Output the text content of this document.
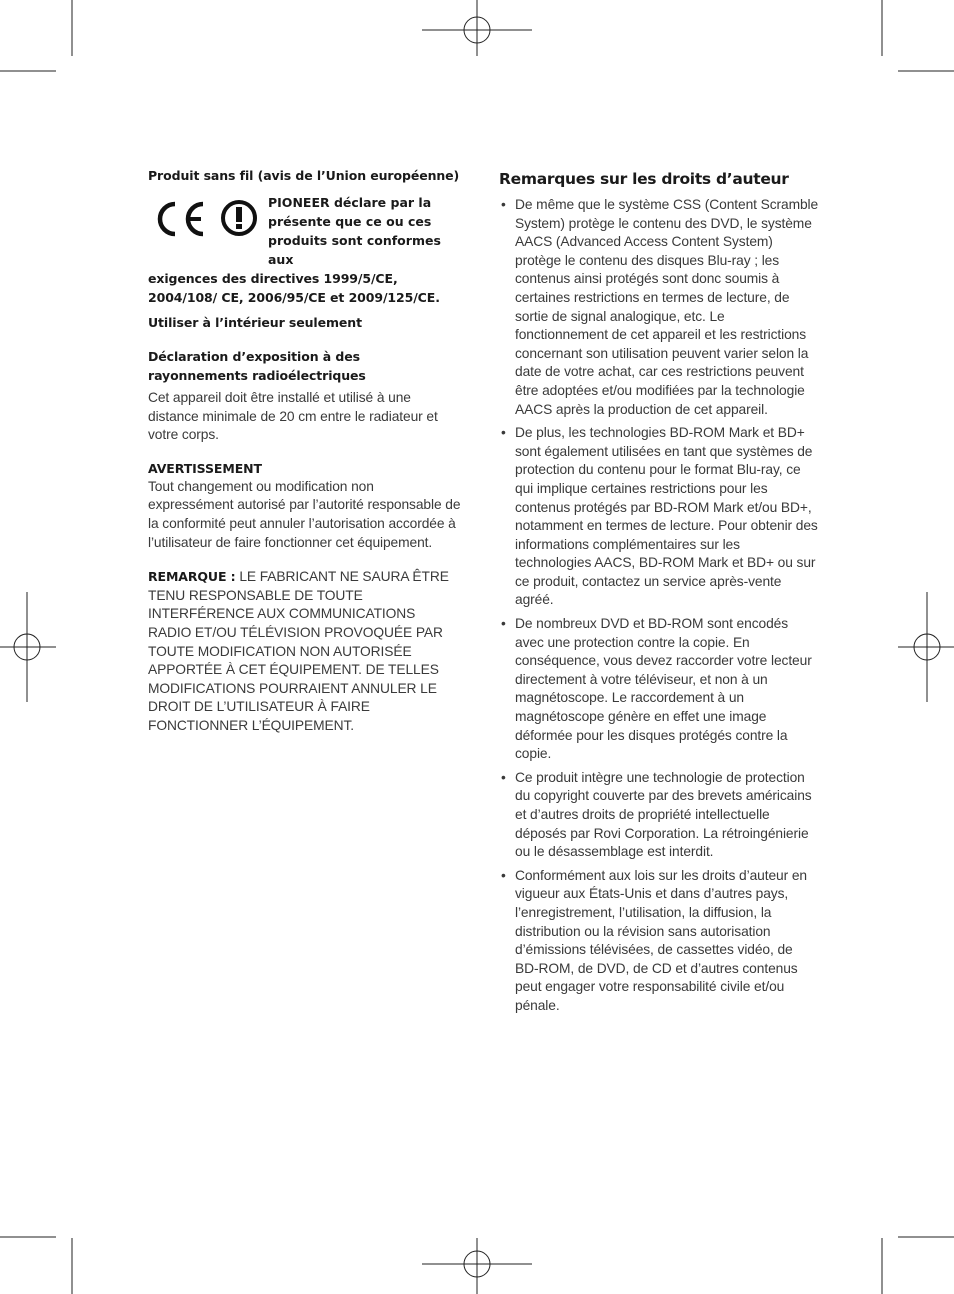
Produit sans fil (avis de l’Union européenne)

PIONEER déclare par la présente que ce ou ces produits sont conformes aux

exigences des directives 1999/5/CE, 2004/108/ CE, 2006/95/CE et 2009/125/CE.

Utiliser à l’intérieur seulement

Déclaration d’exposition à des rayonnements radioélectriques

Cet appareil doit être installé et utilisé à une distance minimale de 20 cm entre le radiateur et votre corps.

AVERTISSEMENT

Tout changement ou modification non expressément autorisé par l’autorité responsable de la conformité peut annuler l’autorisation accordée à l’utilisateur de faire fonctionner cet équipement.

REMARQUE : LE FABRICANT NE SAURA ÊTRE TENU RESPONSABLE DE TOUTE INTERFÉRENCE AUX COMMUNICATIONS RADIO ET/OU TÉLÉVISION PROVOQUÉE PAR TOUTE MODIFICATION NON AUTORISÉE APPORTÉE À CET ÉQUIPEMENT. DE TELLES MODIFICATIONS POURRAIENT ANNULER LE DROIT DE L’UTILISATEUR À FAIRE FONCTIONNER L’ÉQUIPEMENT.

Remarques sur les droits d’auteur
• De même que le système CSS (Content Scramble System) protège le contenu des DVD, le système AACS (Advanced Access Content System) protège le contenu des disques Blu-ray ; les contenus ainsi protégés sont donc soumis à certaines restrictions en termes de lecture, de sortie de signal analogique, etc. Le fonctionnement de cet appareil et les restrictions concernant son utilisation peuvent varier selon la date de votre achat, car ces restrictions peuvent être adoptées et/ou modifiées par la technologie AACS après la production de cet appareil.
• De plus, les technologies BD-ROM Mark et BD+ sont également utilisées en tant que systèmes de protection du contenu pour le format Blu-ray, ce qui implique certaines restrictions pour les contenus protégés par BD-ROM Mark et/ou BD+, notamment en termes de lecture. Pour obtenir des informations complémentaires sur les technologies AACS, BD-ROM Mark et BD+ ou sur ce produit, contactez un service après-vente agréé.
• De nombreux DVD et BD-ROM sont encodés avec une protection contre la copie. En conséquence, vous devez raccorder votre lecteur directement à votre téléviseur, et non à un magnétoscope. Le raccordement à un magnétoscope génère en effet une image déformée pour les disques protégés contre la copie.
• Ce produit intègre une technologie de protection du copyright couverte par des brevets américains et d’autres droits de propriété intellectuelle déposés par Rovi Corporation. La rétroingénierie ou le désassemblage est interdit.
• Conformément aux lois sur les droits d’auteur en vigueur aux États-Unis et dans d’autres pays, l’enregistrement, l’utilisation, la diffusion, la distribution ou la révision sans autorisation d’émissions télévisées, de cassettes vidéo, de BD-ROM, de DVD, de CD et d’autres contenus peut engager votre responsabilité civile et/ou pénale.
